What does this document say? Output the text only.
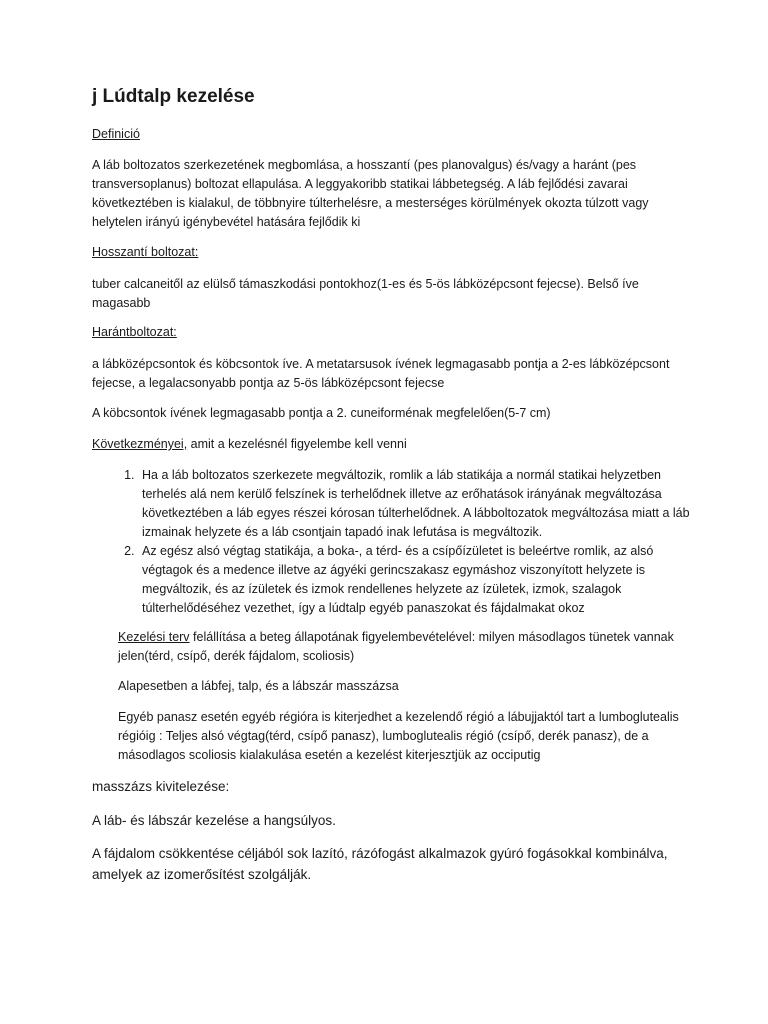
j Lúdtalp kezelése

Definició

A láb boltozatos szerkezetének megbomlása, a hosszantí (pes planovalgus) és/vagy a haránt (pes transversoplanus) boltozat ellapulása. A leggyakoribb statikai lábbetegség. A láb fejlődési zavarai következtében is kialakul, de többnyire túlterhelésre, a mesterséges körülmények okozta túlzott vagy helytelen irányú igénybevétel hatására fejlődik ki

Hosszantí boltozat:

tuber calcaneitől az elülső támaszkodási pontokhoz(1-es és 5-ös lábközépcsont fejecse). Belső íve magasabb

Harántboltozat:

a lábközépcsontok és köbcsontok íve. A metatarsusok ívének legmagasabb pontja a 2-es lábközépcsont fejecse, a legalacsonyabb pontja az 5-ös lábközépcsont fejecse

A köbcsontok ívének legmagasabb pontja a 2. cuneiforménak megfelelően(5-7 cm)

Következményei, amit a kezelésnél figyelembe kell venni

1. Ha a láb boltozatos szerkezete megváltozik, romlik a láb statikája a normál statikai helyzetben terhelés alá nem kerülő felszínek is terhelődnek illetve az erőhatások irányának megváltozása következtében a láb egyes részei kórosan túlterhelődnek. A lábboltozatok megváltozása miatt a láb izmainak helyzete és a láb csontjain tapadó inak lefutása is megváltozik.
2. Az egész alsó végtag statikája, a boka-, a térd- és a csípőízületet is beleértve romlik, az alsó végtagok és a medence illetve az ágyéki gerincszakasz egymáshoz viszonyított helyzete is megváltozik, és az ízületek és izmok rendellenes helyzete az ízületek, izmok, szalagok túlterhelődéséhez vezethet, így a lúdtalp egyéb panaszokat és fájdalmakat okoz

Kezelési terv felállítása a beteg állapotának figyelembevételével: milyen másodlagos tünetek vannak jelen(térd, csípő, derék fájdalom, scoliosis)

Alapesetben a lábfej, talp, és a lábszár masszázsa

Egyéb panasz esetén egyéb régióra is kiterjedhet a kezelendő régió a lábujjaktól tart a lumboglutealis régióig : Teljes alsó végtag(térd, csípő panasz), lumboglutealis régió (csípő, derék panasz), de a másodlagos scoliosis kialakulása esetén a kezelést kiterjesztjük az occiputig

masszázs kivitelezése:

A láb- és lábszár kezelése a hangsúlyos.

A fájdalom csökkentése céljából sok lazító, rázófogást alkalmazok gyúró fogásokkal kombinálva, amelyek az izomerősítést szolgálják.
